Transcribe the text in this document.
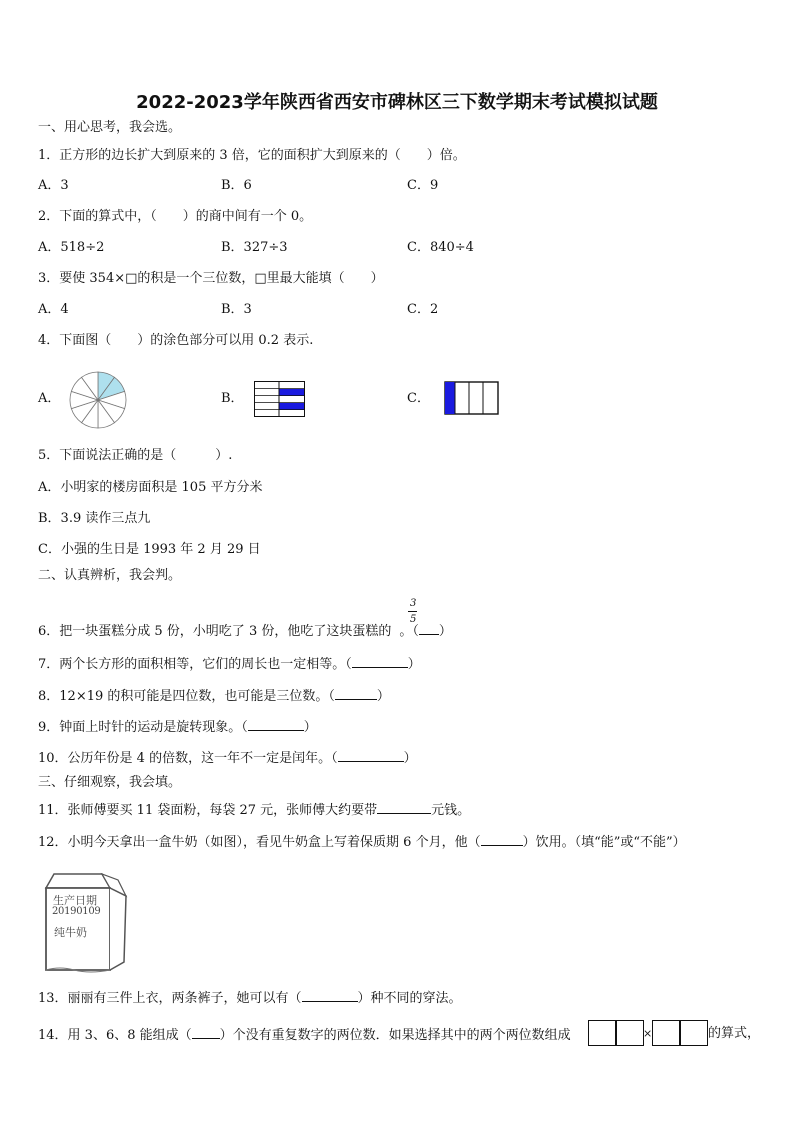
2022-2023学年陕西省西安市碑林区三下数学期末考试模拟试题
一、用心思考，我会选。
1．正方形的边长扩大到原来的 3 倍，它的面积扩大到原来的（　　）倍。
A．3	B．6	C．9
2．下面的算式中，（　　）的商中间有一个 0。
A．518÷2	B．327÷3	C．840÷4
3．要使 354×□的积是一个三位数，□里最大能填（　　）
A．4	B．3	C．2
4．下面图（　　）的涂色部分可以用 0.2 表示.
A．	B．	C．
5．下面说法正确的是（　　　）.
A．小明家的楼房面积是 105 平方分米
B．3.9 读作三点九
C．小强的生日是 1993 年 2 月 29 日
二、认真辨析，我会判。
6．把一块蛋糕分成 5 份，小明吃了 3 份，他吃了这块蛋糕的 。（ ）
3
5
7．两个长方形的面积相等，它们的周长也一定相等。（	）
8．12×19 的积可能是四位数，也可能是三位数。（	）
9．钟面上时针的运动是旋转现象。（	）
10．公历年份是 4 的倍数，这一年不一定是闰年。（	）
三、仔细观察，我会填。
11．张师傅要买 11 袋面粉，每袋 27 元，张师傅大约要带	元钱。
12．小明今天拿出一盒牛奶（如图），看见牛奶盒上写着保质期 6 个月，他（	）饮用。（填“能”或“不能”）
生产日期
20190109
纯牛奶
13．丽丽有三件上衣，两条裤子，她可以有（	）种不同的穿法。
14．用 3、6、8 能组成（ ）个没有重复数字的两位数．如果选择其中的两个两位数组成	×	的算式，
